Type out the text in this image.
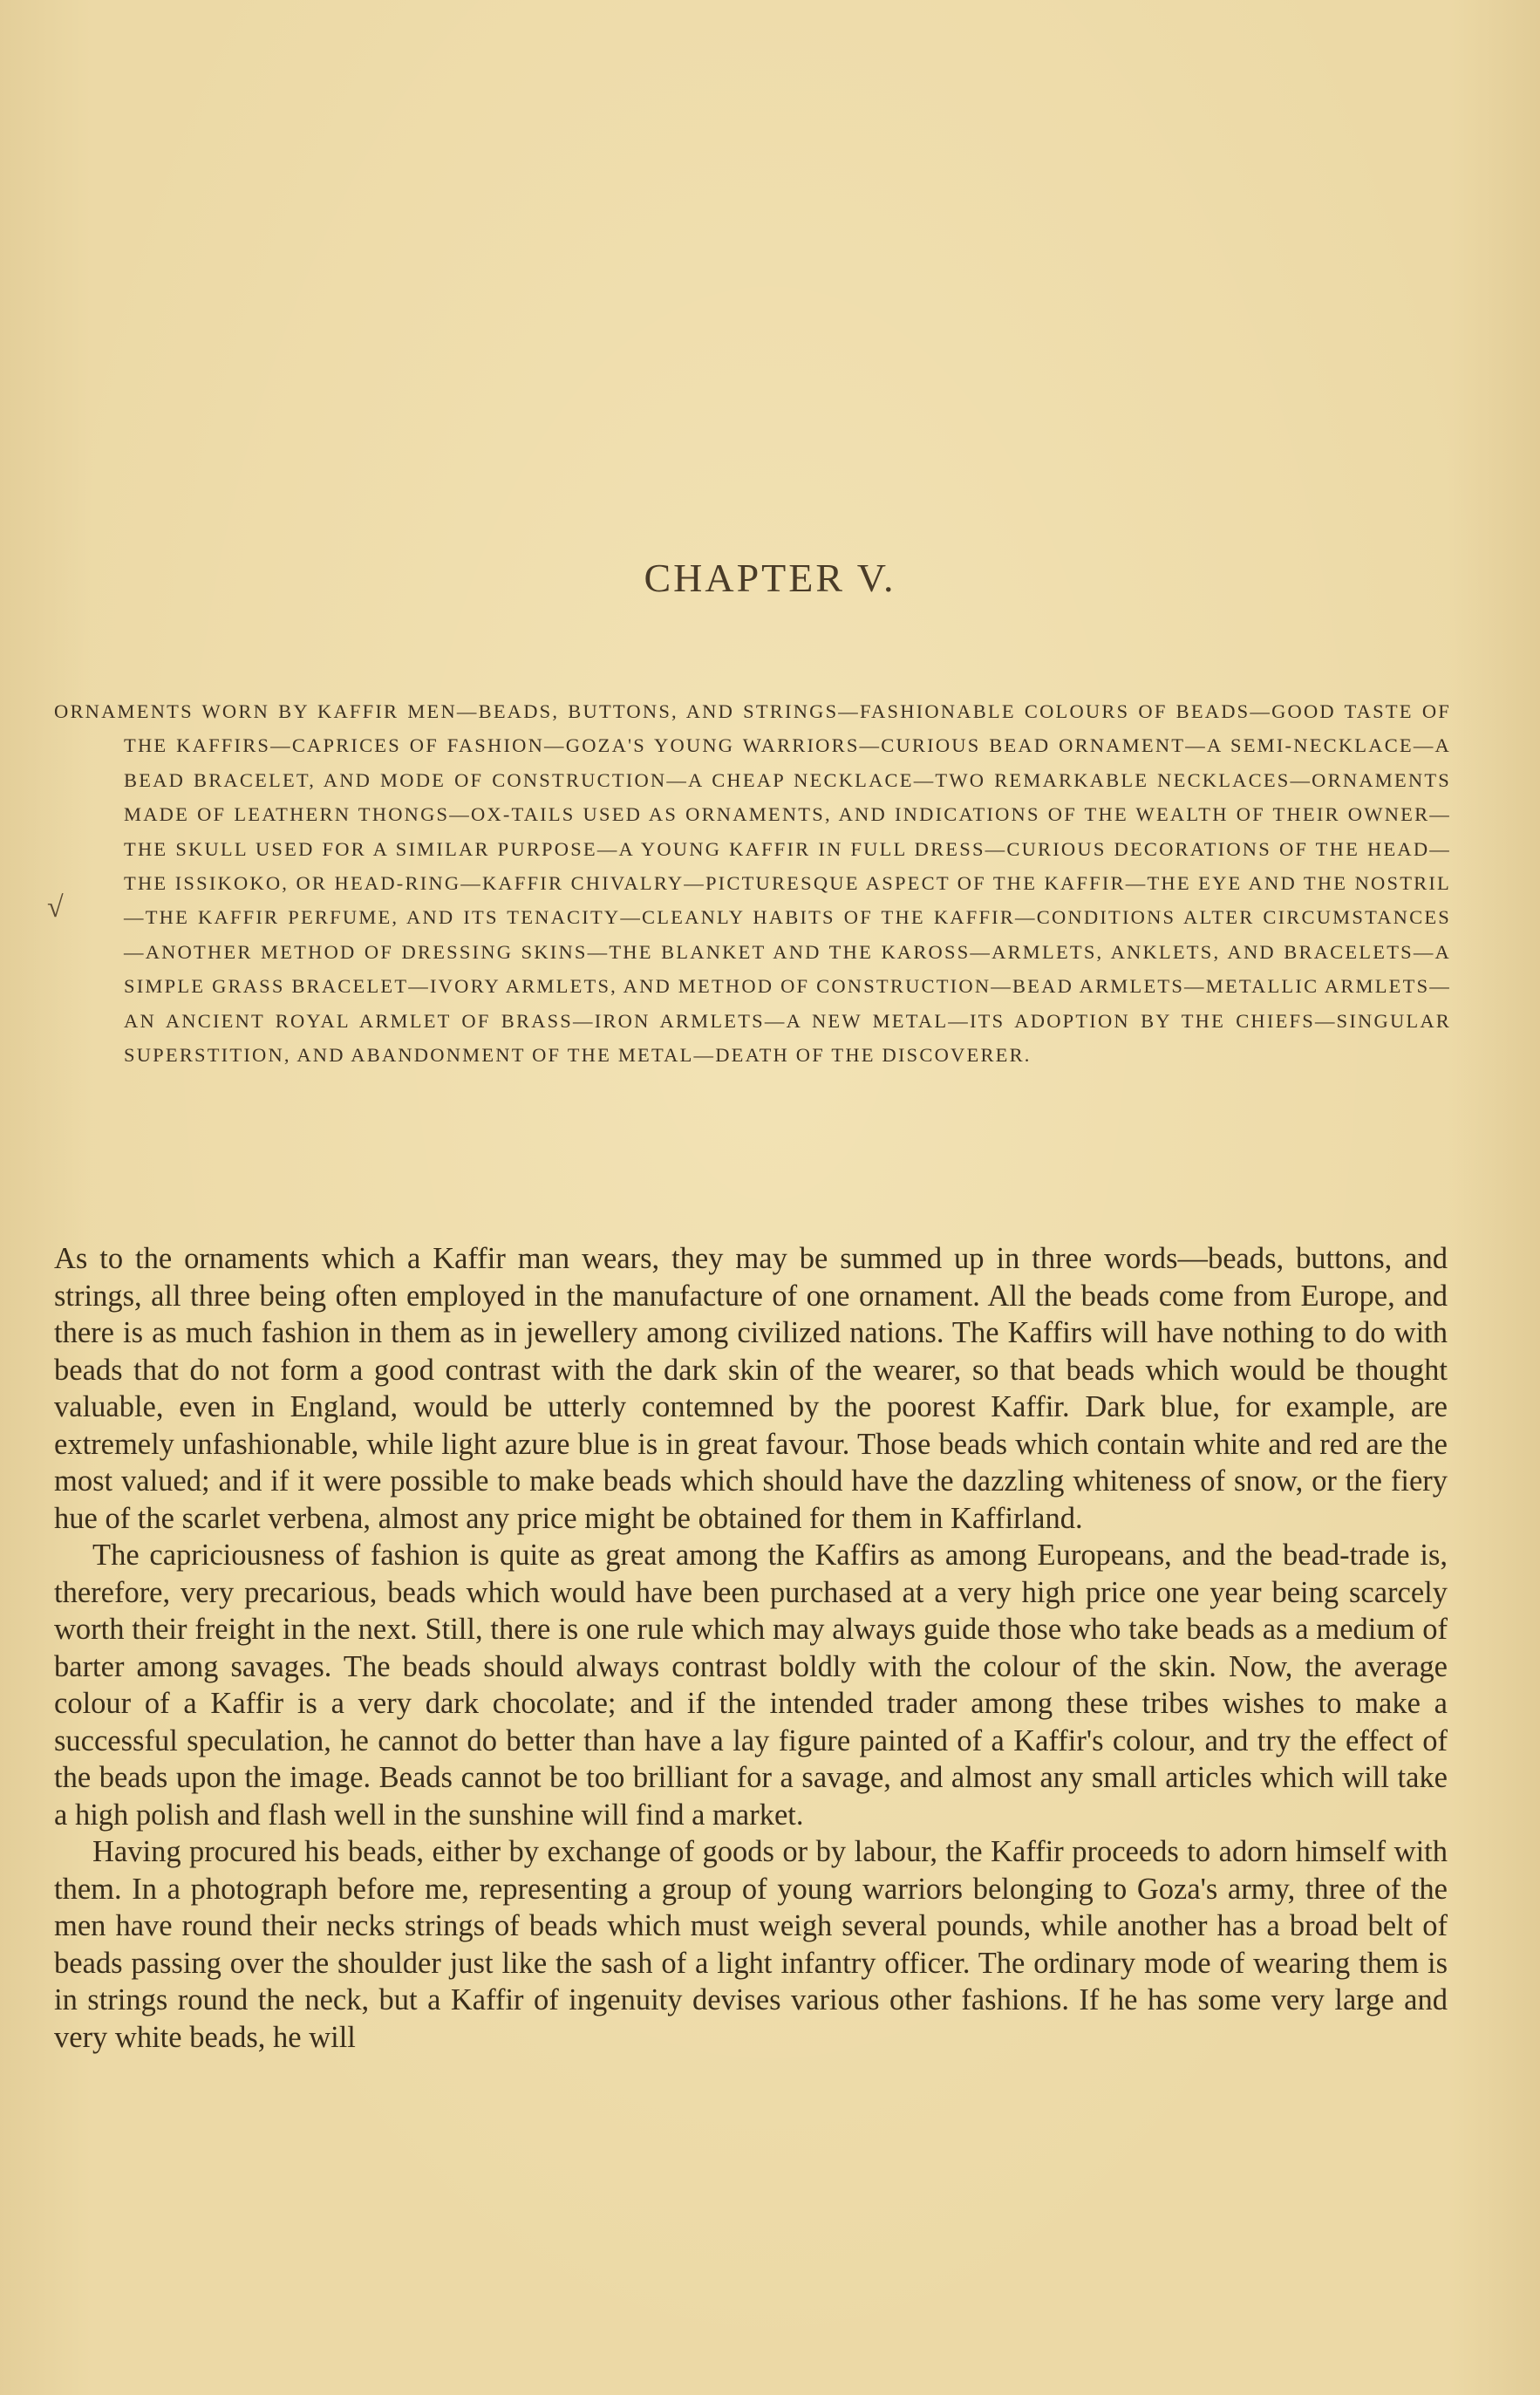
CHAPTER V.
√

ORNAMENTS WORN BY KAFFIR MEN—BEADS, BUTTONS, AND STRINGS—FASHIONABLE COLOURS OF BEADS—GOOD TASTE OF THE KAFFIRS—CAPRICES OF FASHION—GOZA'S YOUNG WARRIORS—CURIOUS BEAD ORNAMENT—A SEMI-NECKLACE—A BEAD BRACELET, AND MODE OF CONSTRUCTION—A CHEAP NECKLACE—TWO REMARKABLE NECKLACES—ORNAMENTS MADE OF LEATHERN THONGS—OX-TAILS USED AS ORNAMENTS, AND INDICATIONS OF THE WEALTH OF THEIR OWNER—THE SKULL USED FOR A SIMILAR PURPOSE—A YOUNG KAFFIR IN FULL DRESS—CURIOUS DECORATIONS OF THE HEAD—THE ISSIKOKO, OR HEAD-RING—KAFFIR CHIVALRY—PICTURESQUE ASPECT OF THE KAFFIR—THE EYE AND THE NOSTRIL—THE KAFFIR PERFUME, AND ITS TENACITY—CLEANLY HABITS OF THE KAFFIR—CONDITIONS ALTER CIRCUMSTANCES—ANOTHER METHOD OF DRESSING SKINS—THE BLANKET AND THE KAROSS—ARMLETS, ANKLETS, AND BRACELETS—A SIMPLE GRASS BRACELET—IVORY ARMLETS, AND METHOD OF CONSTRUCTION—BEAD ARMLETS—METALLIC ARMLETS—AN ANCIENT ROYAL ARMLET OF BRASS—IRON ARMLETS—A NEW METAL—ITS ADOPTION BY THE CHIEFS—SINGULAR SUPERSTITION, AND ABANDONMENT OF THE METAL—DEATH OF THE DISCOVERER.

As to the ornaments which a Kaffir man wears, they may be summed up in three words—beads, buttons, and strings, all three being often employed in the manufacture of one ornament. All the beads come from Europe, and there is as much fashion in them as in jewellery among civilized nations. The Kaffirs will have nothing to do with beads that do not form a good contrast with the dark skin of the wearer, so that beads which would be thought valuable, even in England, would be utterly contemned by the poorest Kaffir. Dark blue, for example, are extremely unfashionable, while light azure blue is in great favour. Those beads which contain white and red are the most valued; and if it were possible to make beads which should have the dazzling whiteness of snow, or the fiery hue of the scarlet verbena, almost any price might be obtained for them in Kaffirland.

The capriciousness of fashion is quite as great among the Kaffirs as among Europeans, and the bead-trade is, therefore, very precarious, beads which would have been purchased at a very high price one year being scarcely worth their freight in the next. Still, there is one rule which may always guide those who take beads as a medium of barter among savages. The beads should always contrast boldly with the colour of the skin. Now, the average colour of a Kaffir is a very dark chocolate; and if the intended trader among these tribes wishes to make a successful speculation, he cannot do better than have a lay figure painted of a Kaffir's colour, and try the effect of the beads upon the image. Beads cannot be too brilliant for a savage, and almost any small articles which will take a high polish and flash well in the sunshine will find a market.

Having procured his beads, either by exchange of goods or by labour, the Kaffir proceeds to adorn himself with them. In a photograph before me, representing a group of young warriors belonging to Goza's army, three of the men have round their necks strings of beads which must weigh several pounds, while another has a broad belt of beads passing over the shoulder just like the sash of a light infantry officer. The ordinary mode of wearing them is in strings round the neck, but a Kaffir of ingenuity devises various other fashions. If he has some very large and very white beads, he will
